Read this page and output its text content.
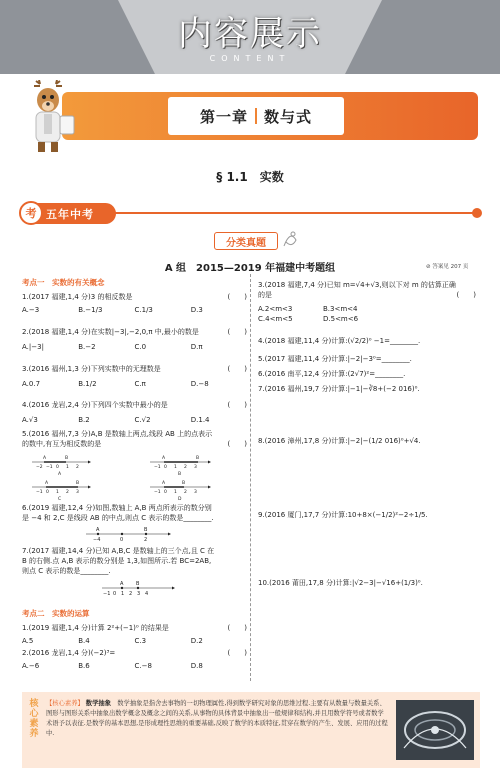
内容展示
CONTENT
第一章 数与式
§ 1.1　实数
五年中考
考
分类真题
A 组　2015—2019 年福建中考题组	⊘ 答案见 207 页
考点一　实数的有关概念
1.(2017 福建,1,4 分)3 的相反数是	(　　)
A.−3	B.−1/3	C.1/3	D.3
2.(2018 福建,1,4 分)在实数|−3|,−2,0,π 中,最小的数是	(　　)
A.|−3|	B.−2	C.0	D.π
3.(2016 福州,1,3 分)下列实数中的无理数是	(　　)
A.0.7	B.1/2	C.π	D.−8
4.(2016 龙岩,2,4 分)下列四个实数中最小的是	(　　)
A.√3	B.2	C.√2	D.1.4
5.(2016 福州,7,3 分)A,B 是数轴上两点,线段 AB 上的点表示
的数中,有互为相反数的是	(　　)
−2 −1 0 1 2
A	B
A
−1 0 1 2 3
A	B
B
−1 0 1 2 3
A	B
C
−1 0 1 2 3
A	B
D
6.(2019 福建,12,4 分)如图,数轴上 A,B 两点所表示的数分别
是 −4 和 2,C 是线段 AB 的中点,则点 C 表示的数是________.
A	B
−4	0	2
7.(2017 福建,14,4 分)已知 A,B,C 是数轴上的三个点,且 C 在
B 的右侧.点 A,B 表示的数分别是 1,3,如图所示.若 BC=2AB,
则点 C 表示的数是________.
A	B
−1 0 1 2 3 4
考点二　实数的运算
1.(2019 福建,1,4 分)计算 2²+(−1)⁰ 的结果是	(　　)
A.5	B.4	C.3	D.2
2.(2016 龙岩,1,4 分)(−2)³=	(　　)
A.−6	B.6	C.−8	D.8
3.(2018 福建,7,4 分)已知 m=√4+√3,则以下对 m 的估算正确
的是	(　　)
A.2<m<3	B.3<m<4
C.4<m<5	D.5<m<6
4.(2018 福建,11,4 分)计算:(√2/2)⁰ −1=________.
5.(2017 福建,11,4 分)计算:|−2|−3⁰=________.
6.(2016 南平,12,4 分)计算:(2√7)²=________.
7.(2016 福州,19,7 分)计算:|−1|−∛8+(−2 016)⁰.
8.(2016 漳州,17,8 分)计算:|−2|−(1/2 016)⁰+√4.
9.(2016 厦门,17,7 分)计算:10+8×(−1/2)²−2÷1/5.
10.(2016 莆田,17,8 分)计算:|√2−3|−√16+(1/3)⁰.
核心素养
【核心素养】 数学抽象　 数学抽象是指舍去事物的一切物理属性,得到数学研究对象的思维过程.主要有从数量与数量关系、图形与图形关系中抽象出数学概念及概念之间的关系,从事物的具体背景中抽象出一般规律和结构,并且用数学符号或者数学术语予以表征.是数学的基本思想,是形成理性思维的重要基础,反映了数学的本质特征,贯穿在数学的产生、发展、应用的过程中.
